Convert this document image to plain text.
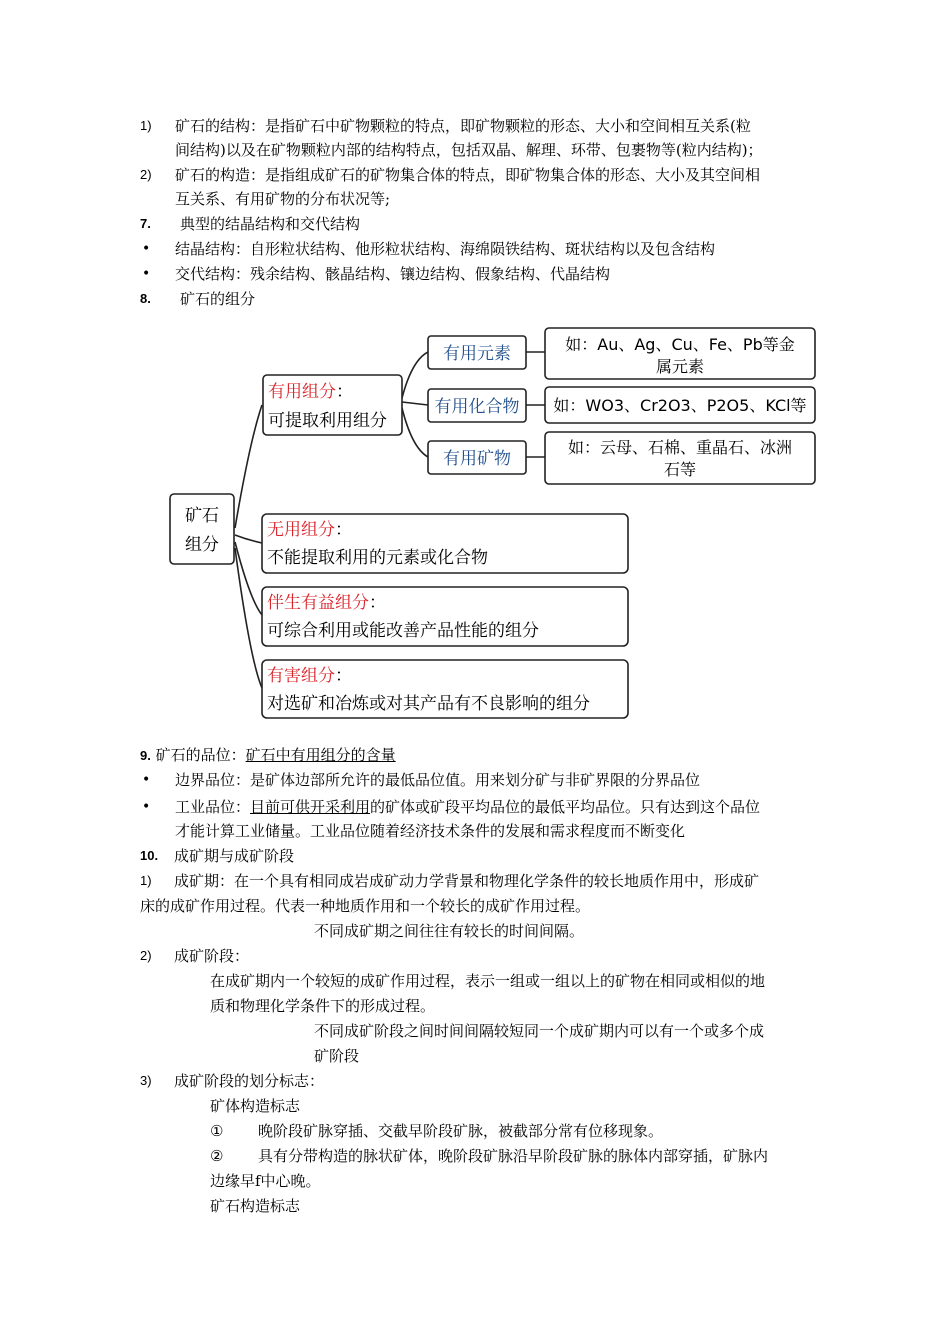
1) 矿石的结构：是指矿石中矿物颗粒的特点，即矿物颗粒的形态、大小和空间相互关系(粒
间结构)以及在矿物颗粒内部的结构特点，包括双晶、解理、环带、包裹物等(粒内结构)；
2) 矿石的构造：是指组成矿石的矿物集合体的特点，即矿物集合体的形态、大小及其空间相
互关系、有用矿物的分布状况等;
7. 典型的结晶结构和交代结构
• 结晶结构：自形粒状结构、他形粒状结构、海绵陨铁结构、斑状结构以及包含结构
• 交代结构：残余结构、骸晶结构、镶边结构、假象结构、代晶结构
8. 矿石的组分
矿石
组分
有用组分：
可提取利用组分
有用元素	如：Au、Ag、Cu、Fe、Pb等金
属元素
有用化合物 如：WO3、Cr2O3、P2O5、KCl等
有用矿物
如：云母、石棉、重晶石、冰洲
石等
无用组分：
不能提取利用的元素或化合物
伴生有益组分：
可综合利用或能改善产品性能的组分
有害组分：
对选矿和冶炼或对其产品有不良影响的组分
9. 矿石的品位：矿石中有用组分的含量
• 边界品位：是矿体边部所允许的最低品位值。用来划分矿与非矿界限的分界品位
• 工业品位：目前可供开采利用的矿体或矿段平均品位的最低平均品位。只有达到这个品位
才能计算工业储量。工业品位随着经济技术条件的发展和需求程度而不断变化
10. 成矿期与成矿阶段
1) 成矿期：在一个具有相同成岩成矿动力学背景和物理化学条件的较长地质作用中，形成矿
床的成矿作用过程。代表一种地质作用和一个较长的成矿作用过程。
不同成矿期之间往往有较长的时间间隔。
2) 成矿阶段：
在成矿期内一个较短的成矿作用过程，表示一组或一组以上的矿物在相同或相似的地
质和物理化学条件下的形成过程。
不同成矿阶段之间时间间隔较短同一个成矿期内可以有一个或多个成
矿阶段
3) 成矿阶段的划分标志：
矿体构造标志
① 晚阶段矿脉穿插、交截早阶段矿脉，被截部分常有位移现象。
② 具有分带构造的脉状矿体，晚阶段矿脉沿早阶段矿脉的脉体内部穿插，矿脉内
边缘早f中心晚。
矿石构造标志
